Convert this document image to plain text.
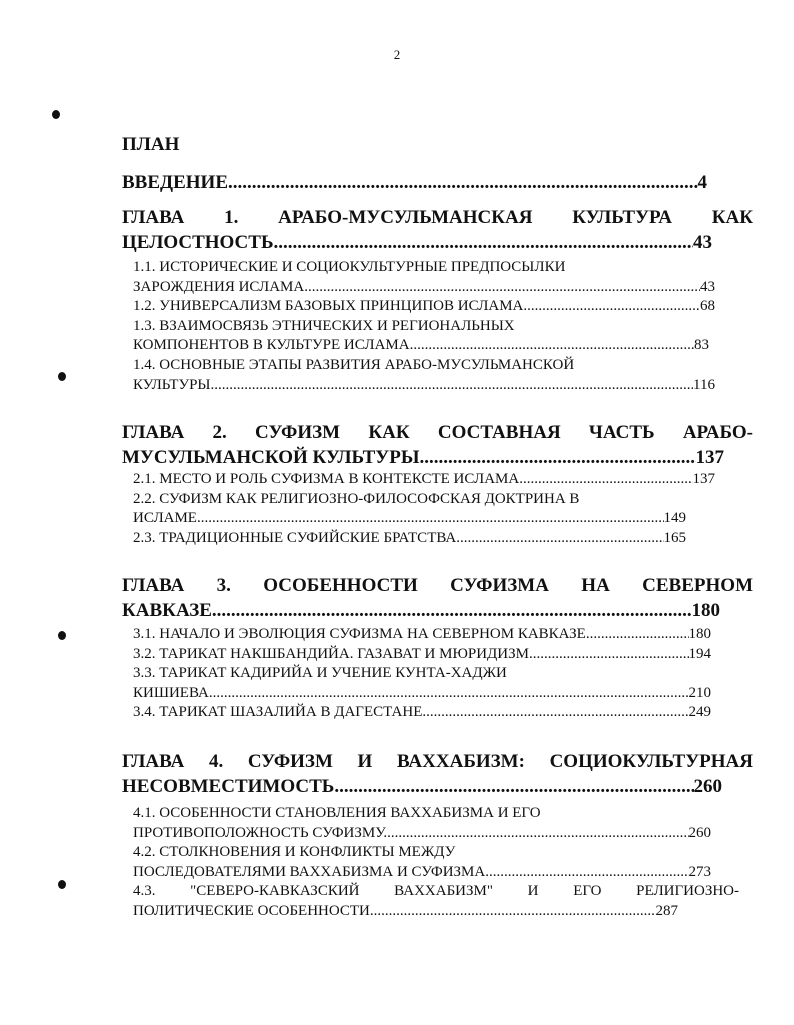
2
ПЛАН
ВВЕДЕНИЕ .....	4
ГЛАВА 1. АРАБО-МУСУЛЬМАНСКАЯ КУЛЬТУРА КАК
ЦЕЛОСТНОСТЬ .....	43
1.1. ИСТОРИЧЕСКИЕ И СОЦИОКУЛЬТУРНЫЕ ПРЕДПОСЫЛКИ
ЗАРОЖДЕНИЯ ИСЛАМА .....	43
1.2. УНИВЕРСАЛИЗМ БАЗОВЫХ ПРИНЦИПОВ ИСЛАМА .....	68
1.3. ВЗАИМОСВЯЗЬ ЭТНИЧЕСКИХ И РЕГИОНАЛЬНЫХ
КОМПОНЕНТОВ В КУЛЬТУРЕ ИСЛАМА .....	83
1.4. ОСНОВНЫЕ ЭТАПЫ РАЗВИТИЯ АРАБО-МУСУЛЬМАНСКОЙ
КУЛЬТУРЫ .....	116
ГЛАВА 2. СУФИЗМ КАК СОСТАВНАЯ ЧАСТЬ АРАБО-
МУСУЛЬМАНСКОЙ КУЛЬТУРЫ .....	137
2.1. МЕСТО И РОЛЬ СУФИЗМА В КОНТЕКСТЕ ИСЛАМА .....	137
2.2. СУФИЗМ КАК РЕЛИГИОЗНО-ФИЛОСОФСКАЯ ДОКТРИНА В
ИСЛАМЕ .....	149
2.3. ТРАДИЦИОННЫЕ СУФИЙСКИЕ БРАТСТВА .....	165
ГЛАВА 3. ОСОБЕННОСТИ СУФИЗМА НА СЕВЕРНОМ
КАВКАЗЕ .....	180
3.1. НАЧАЛО И ЭВОЛЮЦИЯ СУФИЗМА НА СЕВЕРНОМ КАВКАЗЕ .....	180
3.2. ТАРИКАТ НАКШБАНДИЙА. ГАЗАВАТ И МЮРИДИЗМ .....	194
3.3. ТАРИКАТ КАДИРИЙА И УЧЕНИЕ КУНТА-ХАДЖИ
КИШИЕВА .....	210
3.4. ТАРИКАТ ШАЗАЛИЙА В ДАГЕСТАНЕ .....	249
ГЛАВА 4. СУФИЗМ И ВАХХАБИЗМ: СОЦИОКУЛЬТУРНАЯ
НЕСОВМЕСТИМОСТЬ .....	260
4.1. ОСОБЕННОСТИ СТАНОВЛЕНИЯ ВАХХАБИЗМА И ЕГО
ПРОТИВОПОЛОЖНОСТЬ СУФИЗМУ .....	260
4.2. СТОЛКНОВЕНИЯ И КОНФЛИКТЫ МЕЖДУ
ПОСЛЕДОВАТЕЛЯМИ ВАХХАБИЗМА И СУФИЗМА .....	273
4.3. "СЕВЕРО-КАВКАЗСКИЙ ВАХХАБИЗМ" И ЕГО РЕЛИГИОЗНО-
ПОЛИТИЧЕСКИЕ ОСОБЕННОСТИ .....	287
